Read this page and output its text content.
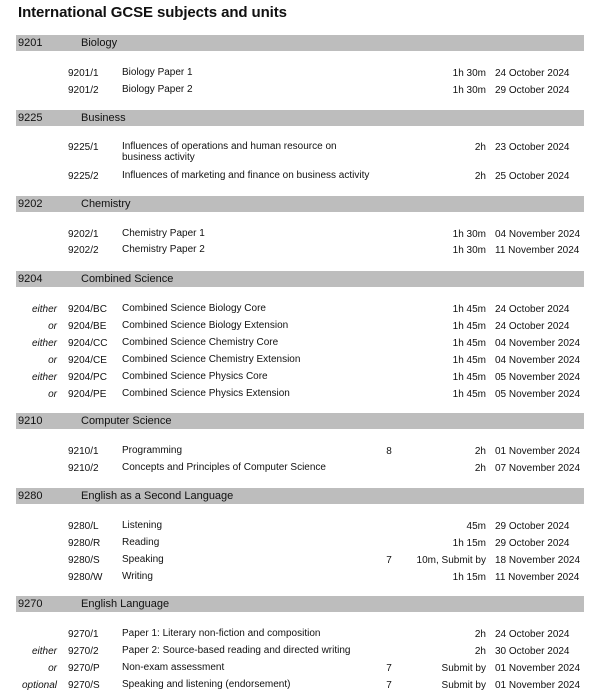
International GCSE subjects and units
9201	Biology
9201/1 Biology Paper 1	1h 30m 24 October 2024
9201/2 Biology Paper 2	1h 30m 29 October 2024
9225	Business
9225/1 Influences of operations and human resource on business activity
2h 23 October 2024
9225/2 Influences of marketing and finance on business activity	2h 25 October 2024
9202	Chemistry
9202/1 Chemistry Paper 1	1h 30m 04 November 2024
9202/2 Chemistry Paper 2	1h 30m 11 November 2024
9204	Combined Science
either 9204/BC Combined Science Biology Core	1h 45m 24 October 2024
or 9204/BE Combined Science Biology Extension	1h 45m 24 October 2024
either 9204/CC Combined Science Chemistry Core	1h 45m 04 November 2024
or 9204/CE Combined Science Chemistry Extension	1h 45m 04 November 2024
either 9204/PC Combined Science Physics Core	1h 45m 05 November 2024
or 9204/PE Combined Science Physics Extension	1h 45m 05 November 2024
9210	Computer Science
9210/1 Programming	8	2h 01 November 2024
9210/2 Concepts and Principles of Computer Science	2h 07 November 2024
9280	English as a Second Language
9280/L Listening	45m 29 October 2024
9280/R Reading	1h 15m 29 October 2024
9280/S Speaking	7 10m, Submit by 18 November 2024
9280/W Writing	1h 15m 11 November 2024
9270	English Language
9270/1 Paper 1: Literary non-fiction and composition	2h 24 October 2024
either 9270/2 Paper 2: Source-based reading and directed writing	2h 30 October 2024
or 9270/P Non-exam assessment	7	Submit by 01 November 2024
optional 9270/S Speaking and listening (endorsement)	7	Submit by 01 November 2024
